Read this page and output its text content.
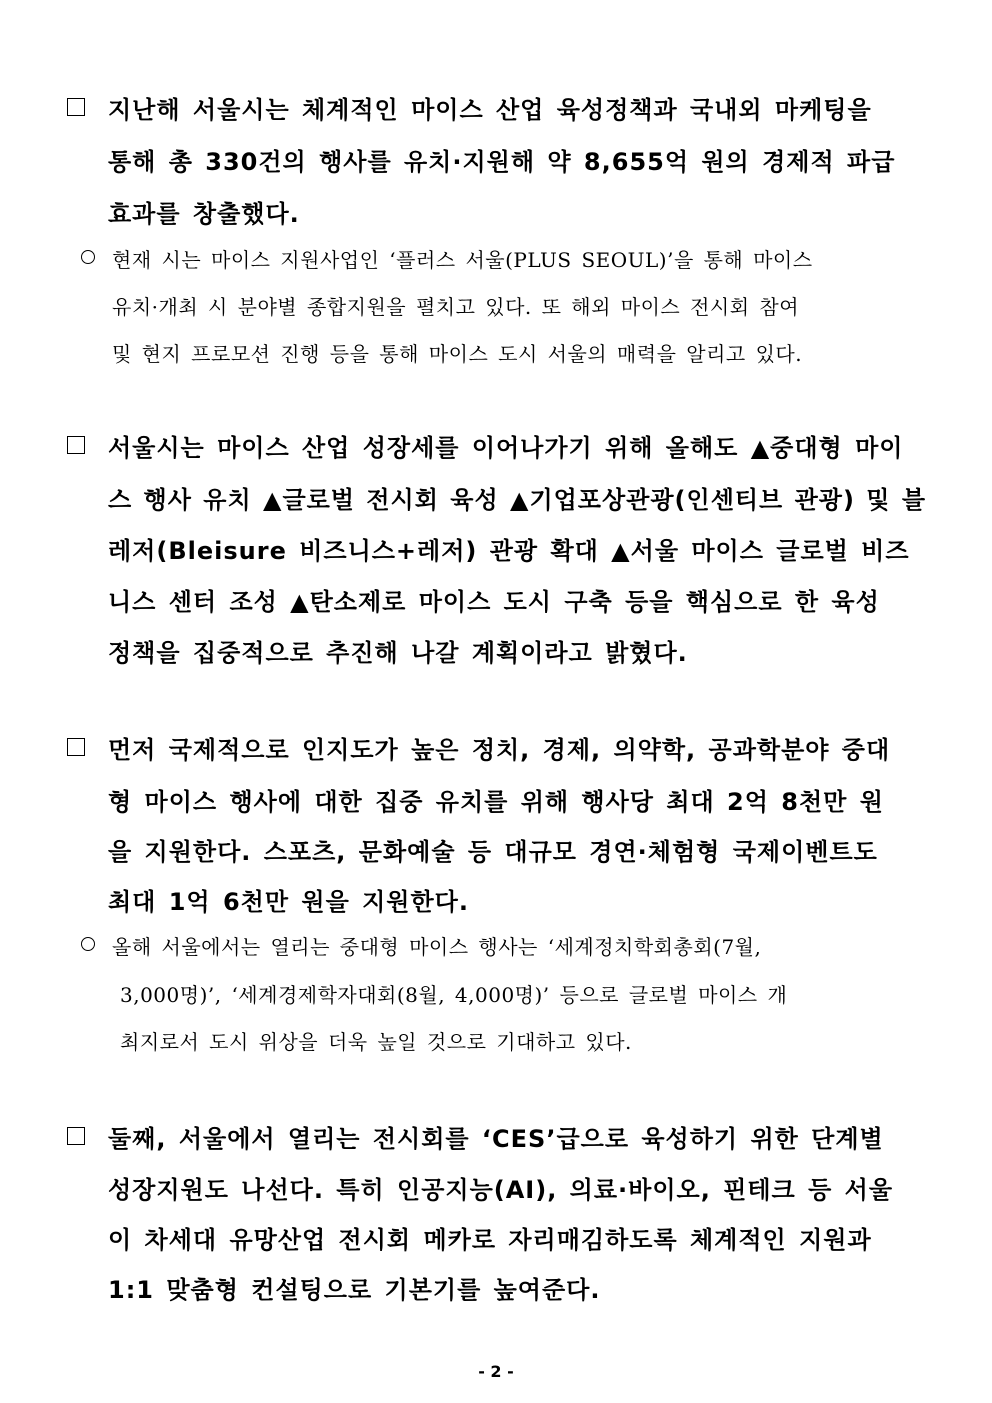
지난해 서울시는 체계적인 마이스 산업 육성정책과 국내외 마케팅을
통해 총 330건의 행사를 유치·지원해 약 8,655억 원의 경제적 파급
효과를 창출했다.
현재 시는 마이스 지원사업인 ‘플러스 서울(PLUS SEOUL)’을 통해 마이스
유치·개최 시 분야별 종합지원을 펼치고 있다. 또 해외 마이스 전시회 참여
및 현지 프로모션 진행 등을 통해 마이스 도시 서울의 매력을 알리고 있다.
서울시는 마이스 산업 성장세를 이어나가기 위해 올해도 ▲중대형 마이
스 행사 유치 ▲글로벌 전시회 육성 ▲기업포상관광(인센티브 관광) 및 블
레저(Bleisure 비즈니스+레저) 관광 확대 ▲서울 마이스 글로벌 비즈
니스 센터 조성 ▲탄소제로 마이스 도시 구축 등을 핵심으로 한 육성
정책을 집중적으로 추진해 나갈 계획이라고 밝혔다.
먼저 국제적으로 인지도가 높은 정치, 경제, 의약학, 공과학분야 중대
형 마이스 행사에 대한 집중 유치를 위해 행사당 최대 2억 8천만 원
을 지원한다. 스포츠, 문화예술 등 대규모 경연·체험형 국제이벤트도
최대 1억 6천만 원을 지원한다.
올해 서울에서는 열리는 중대형 마이스 행사는 ‘세계정치학회총회(7월,
3,000명)’, ‘세계경제학자대회(8월, 4,000명)’ 등으로 글로벌 마이스 개
최지로서 도시 위상을 더욱 높일 것으로 기대하고 있다.
둘째, 서울에서 열리는 전시회를 ‘CES’급으로 육성하기 위한 단계별
성장지원도 나선다. 특히 인공지능(AI), 의료·바이오, 핀테크 등 서울
이 차세대 유망산업 전시회 메카로 자리매김하도록 체계적인 지원과
1:1 맞춤형 컨설팅으로 기본기를 높여준다.
- 2 -
